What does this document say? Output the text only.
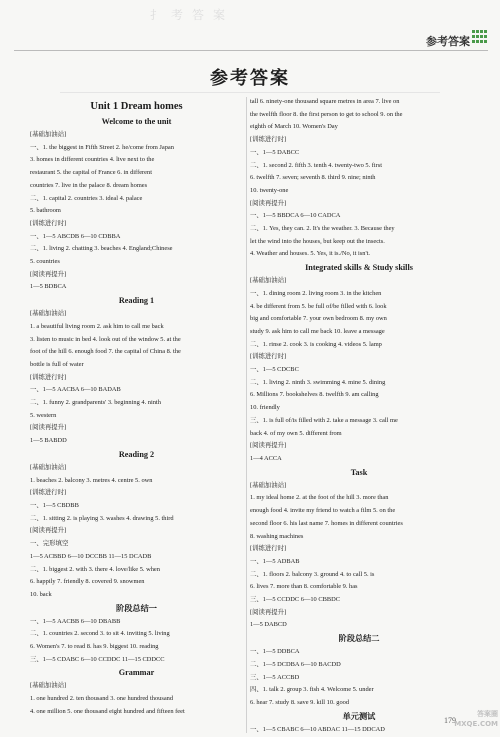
扌 考 答 案
参考答案
参考答案
Unit 1 Dream homes
Welcome to the unit
[基础加油站]
一、1. the biggest in Fifth Street 2. he/come from Japan
3. homes in different countries 4. live next to the
restaurant 5. the capital of France 6. in different
countries 7. live in the palace 8. dream homes
二、1. capital 2. countries 3. ideal 4. palace
5. bathroom
[训练进行时]
一、1—5 ABCDB 6—10 CDBBA
二、1. living 2. chatting 3. beaches 4. England;Chinese
5. countries
[阅读再提升]
1—5 BDBCA
Reading 1
[基础加油站]
1. a beautiful living room 2. ask him to call me back
3. listen to music in bed 4. look out of the window 5. at the
foot of the hill 6. enough food 7. the capital of China 8. the
bottle is full of water
[训练进行时]
一、1—5 AACBA 6—10 BADAB
二、1. funny 2. grandparents' 3. beginning 4. ninth
5. western
[阅读再提升]
1—5 BABDD
Reading 2
[基础加油站]
1. beaches 2. balcony 3. metres 4. centre 5. own
[训练进行时]
一、1—5 CBDBB
二、1. sitting 2. is playing 3. washes 4. drawing 5. third
[阅读再提升]
一、完形填空
1—5 ACBBD 6—10 DCCBB 11—15 DCADB
二、1. biggest 2. with 3. there 4. love/like 5. when
6. happily 7. friendly 8. covered 9. snowmen
10. back
阶段总结一
一、1—5 AACBB 6—10 DBABB
二、1. countries 2. second 3. to sit 4. inviting 5. living
6. Women's 7. to read 8. has 9. biggest 10. reading
三、1—5 CDABC 6—10 CCDDC 11—15 CDDCC
Grammar
[基础加油站]
1. one hundred 2. ten thousand 3. one hundred thousand
4. one million 5. one thousand eight hundred and fifteen feet
tall 6. ninety-one thousand square metres in area 7. live on
the twelfth floor 8. the first person to get to school 9. on the
eighth of March 10. Women's Day
[训练进行时]
一、1—5 DABCC
二、1. second 2. fifth 3. tenth 4. twenty-two 5. first
6. twelfth 7. seven; seventh 8. third 9. nine; ninth
10. twenty-one
[阅读再提升]
一、1—5 BBDCA 6—10 CADCA
二、1. Yes, they can. 2. It's the weather. 3. Because they
let the wind into the houses, but keep out the insects.
4. Weather and houses. 5. Yes, it is./No, it isn't.
Integrated skills & Study skills
[基础加油站]
一、1. dining room 2. living room 3. in the kitchen
4. be different from 5. be full of/be filled with 6. look
big and comfortable 7. your own bedroom 8. my own
study 9. ask him to call me back 10. leave a message
二、1. rinse 2. cook 3. is cooking 4. videos 5. lamp
[训练进行时]
一、1—5 CDCBC
二、1. living 2. ninth 3. swimming 4. mine 5. dining
6. Millions 7. bookshelves 8. twelfth 9. am calling
10. friendly
三、1. is full of/is filled with 2. take a message 3. call me
back 4. of my own 5. different from
[阅读再提升]
1—4 ACCA
Task
[基础加油站]
1. my ideal home 2. at the foot of the hill 3. more than
enough food 4. invite my friend to watch a film 5. on the
second floor 6. his last name 7. homes in different countries
8. washing machines
[训练进行时]
一、1—5 ADBAB
二、1. floors 2. balcony 3. ground 4. to call 5. is
6. lives 7. more than 8. comfortable 9. has
三、1—5 CCDDC 6—10 CBBDC
[阅读再提升]
1—5 DABCD
阶段总结二
一、1—5 DDBCA
二、1—5 DCDBA 6—10 BACDD
三、1—5 ACCBD
四、1. talk 2. group 3. fish 4. Welcome 5. under
6. hear 7. study 8. save 9. kill 10. good
单元测试
一、1—5 CBABC 6—10 ABDAC 11—15 DDCAD
179
答案圈 MXQE.COM
